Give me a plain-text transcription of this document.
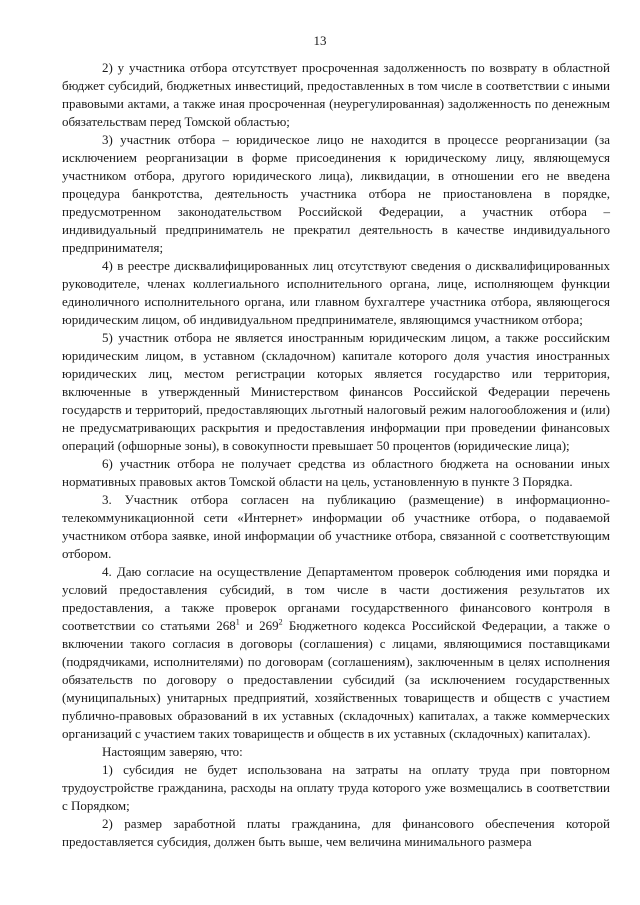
13

2) у участника отбора отсутствует просроченная задолженность по возврату в областной бюджет субсидий, бюджетных инвестиций, предоставленных в том числе в соответствии с иными правовыми актами, а также иная просроченная (неурегулированная) задолженность по денежным обязательствам перед Томской областью;

3) участник отбора – юридическое лицо не находится в процессе реорганизации (за исключением реорганизации в форме присоединения к юридическому лицу, являющемуся участником отбора, другого юридического лица), ликвидации, в отношении его не введена процедура банкротства, деятельность участника отбора не приостановлена в порядке, предусмотренном законодательством Российской Федерации, а участник отбора – индивидуальный предприниматель не прекратил деятельность в качестве индивидуального предпринимателя;

4) в реестре дисквалифицированных лиц отсутствуют сведения о дисквалифицированных руководителе, членах коллегиального исполнительного органа, лице, исполняющем функции единоличного исполнительного органа, или главном бухгалтере участника отбора, являющегося юридическим лицом, об индивидуальном предпринимателе, являющимся участником отбора;

5) участник отбора не является иностранным юридическим лицом, а также российским юридическим лицом, в уставном (складочном) капитале которого доля участия иностранных юридических лиц, местом регистрации которых является государство или территория, включенные в утвержденный Министерством финансов Российской Федерации перечень государств и территорий, предоставляющих льготный налоговый режим налогообложения и (или) не предусматривающих раскрытия и предоставления информации при проведении финансовых операций (офшорные зоны), в совокупности превышает 50 процентов (юридические лица);

6) участник отбора не получает средства из областного бюджета на основании иных нормативных правовых актов Томской области на цель, установленную в пункте 3 Порядка.

3. Участник отбора согласен на публикацию (размещение) в информационно-телекоммуникационной сети «Интернет» информации об участнике отбора, о подаваемой участником отбора заявке, иной информации об участнике отбора, связанной с соответствующим отбором.

4. Даю согласие на осуществление Департаментом проверок соблюдения ими порядка и условий предоставления субсидий, в том числе в части достижения результатов их предоставления, а также проверок органами государственного финансового контроля в соответствии со статьями $268^1$ и $269^2$ Бюджетного кодекса Российской Федерации, а также о включении такого согласия в договоры (соглашения) с лицами, являющимися поставщиками (подрядчиками, исполнителями) по договорам (соглашениям), заключенным в целях исполнения обязательств по договору о предоставлении субсидий (за исключением государственных (муниципальных) унитарных предприятий, хозяйственных товариществ и обществ с участием публично-правовых образований в их уставных (складочных) капиталах, а также коммерческих организаций с участием таких товариществ и обществ в их уставных (складочных) капиталах).

Настоящим заверяю, что:

1) субсидия не будет использована на затраты на оплату труда при повторном трудоустройстве гражданина, расходы на оплату труда которого уже возмещались в соответствии с Порядком;

2) размер заработной платы гражданина, для финансового обеспечения которой предоставляется субсидия, должен быть выше, чем величина минимального размера
